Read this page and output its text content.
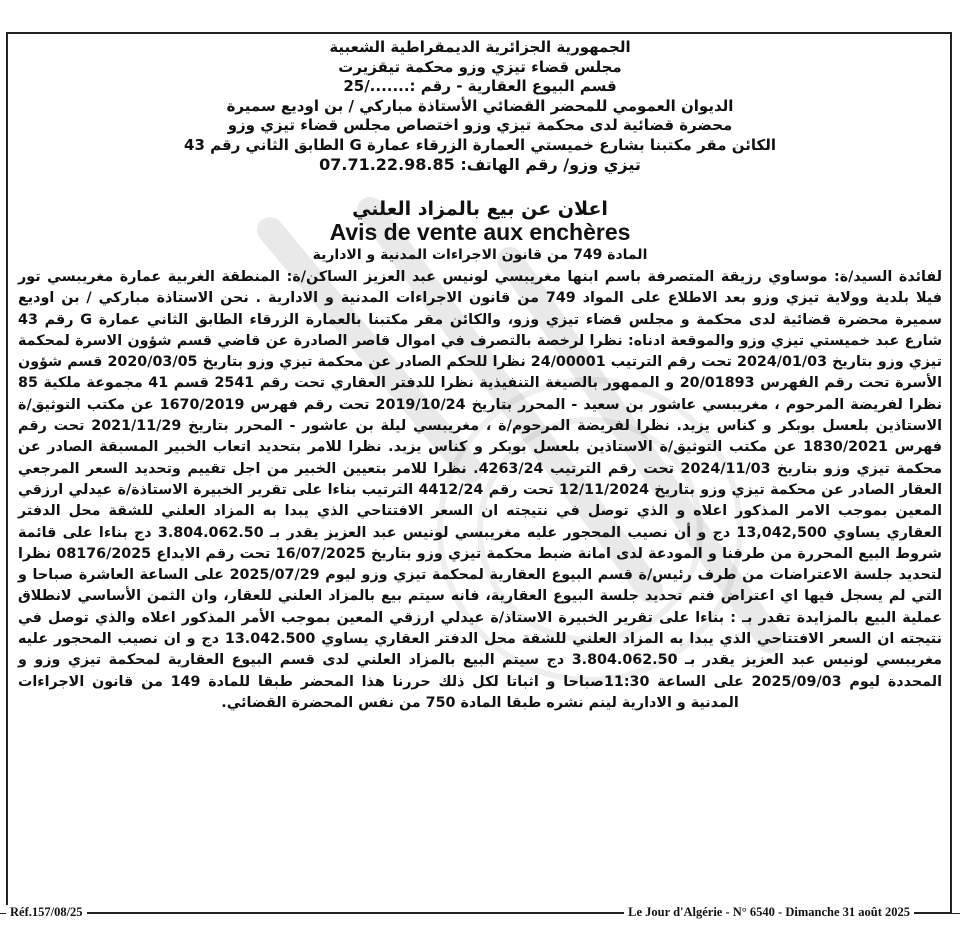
الجمهورية الجزائرية الديمقراطية الشعبية
مجلس قضاء تيزي وزو محكمة تيقزيرت
قسم البيوع العقارية - رقم :......./25
الديوان العمومي للمحضر القضائي الأستاذة مباركي / بن اوديع سميرة
محضرة قضائية لدى محكمة تيزي وزو اختصاص مجلس قضاء تيزي وزو
الكائن مقر مكتبنا بشارع خميستي العمارة الزرقاء عمارة G الطابق الثاني رقم 43
تيزي وزو/ رقم الهاتف: 07.71.22.98.85
اعلان عن بيع بالمزاد العلني
Avis de vente aux enchères
المادة 749 من قانون الاجراءات المدنية و الادارية
لفائدة السيد/ة: موساوي رزيقة المتصرفة باسم ابنها مغريبسي لونيس عبد العزيز الساكن/ة: المنطقة الغربية عمارة مغريبسي تور فيلا بلدية وولاية تيزي وزو بعد الاطلاع على المواد 749 من قانون الاجراءات المدنية و الادارية . نحن الاستاذة مباركي / بن اوديع سميرة محضرة قضائية لدى محكمة و مجلس قضاء تيزي وزو، والكائن مقر مكتبنا بالعمارة الزرقاء الطابق الثاني عمارة G رقم 43 شارع عبد خميستي تيزي وزو والموقعة ادناه: نظرا لرخصة بالتصرف في اموال قاصر الصادرة عن قاضي قسم شؤون الاسرة لمحكمة تيزي وزو بتاريخ 2024/01/03 تحت رقم الترتيب 24/00001 نظرا للحكم الصادر عن محكمة تيزي وزو بتاريخ 2020/03/05 قسم شؤون الأسرة تحت رقم الفهرس 20/01893 و الممهور بالصيغة التنفيذية نظرا للدفتر العقاري تحت رقم 2541 قسم 41 مجموعة ملكية 85 نظرا لفريضة المرحوم ، مغريبسي عاشور بن سعيد - المحرر بتاريخ 2019/10/24 تحت رقم فهرس 1670/2019 عن مكتب التوثيق/ة الاستاذين بلعسل بوبكر و كناس يزيد. نظرا لفريضة المرحوم/ة ، مغريبسي ليلة بن عاشور - المحرر بتاريخ 2021/11/29 تحت رقم فهرس 1830/2021 عن مكتب التوثيق/ة الاستاذين بلعسل بوبكر و كناس يزيد. نظرا للامر بتحديد اتعاب الخبير المسبقة الصادر عن محكمة تيزي وزو بتاريخ 2024/11/03 تحت رقم الترتيب 4263/24. نظرا للامر بتعيين الخبير من اجل تقييم وتحديد السعر المرجعي العقار الصادر عن محكمة تيزي وزو بتاريخ 12/11/2024 تحت رقم 4412/24 الترتيب بناءا على تقرير الخبيرة الاستاذة/ة عيدلي ارزقي المعين بموجب الامر المذكور اعلاه و الذي توصل في نتيجته ان السعر الافتتاحي الذي يبدا به المزاد العلني للشقة محل الدفتر العقاري يساوي 13,042,500 دج و أن نصيب المحجور عليه مغريبسي لونيس عبد العزيز يقدر بـ 3.804.062.50 دج بناءا على قائمة شروط البيع المحررة من طرفنا و المودعة لدى امانة ضبط محكمة تيزي وزو بتاريخ 16/07/2025 تحت رقم الايداع 08176/2025 نظرا لتحديد جلسة الاعتراضات من طرف رئيس/ة قسم البيوع العقارية لمحكمة تيزي وزو ليوم 2025/07/29 على الساعة العاشرة صباحا و التي لم يسجل فيها اي اعتراض فتم تحديد جلسة البيوع العقارية، فانه سيتم بيع بالمزاد العلني للعقار، وان الثمن الأساسي لانطلاق عملية البيع بالمزايدة تقدر بـ : بناءا على تقرير الخبيرة الاستاذ/ة عيدلي ارزقي المعين بموجب الأمر المذكور اعلاه والذي توصل في نتيجته ان السعر الافتتاحي الذي يبدا به المزاد العلني للشقة محل الدفتر العقاري يساوي 13.042.500 دج و ان نصيب المحجور عليه مغريبسي لونيس عبد العزيز يقدر بـ 3.804.062.50 دج سيتم البيع بالمزاد العلني لدى قسم البيوع العقارية لمحكمة تيزي وزو و المحددة ليوم 2025/09/03 على الساعة 11:30صباحا و اثباتا لكل ذلك حررنا هذا المحضر طبقا للمادة 149 من قانون الاجراءات المدنية و الادارية لينم نشره طبقا المادة 750 من نفس المحضرة القضائي.
Réf.157/08/25	Le Jour d'Algérie - N° 6540 - Dimanche 31 août 2025
